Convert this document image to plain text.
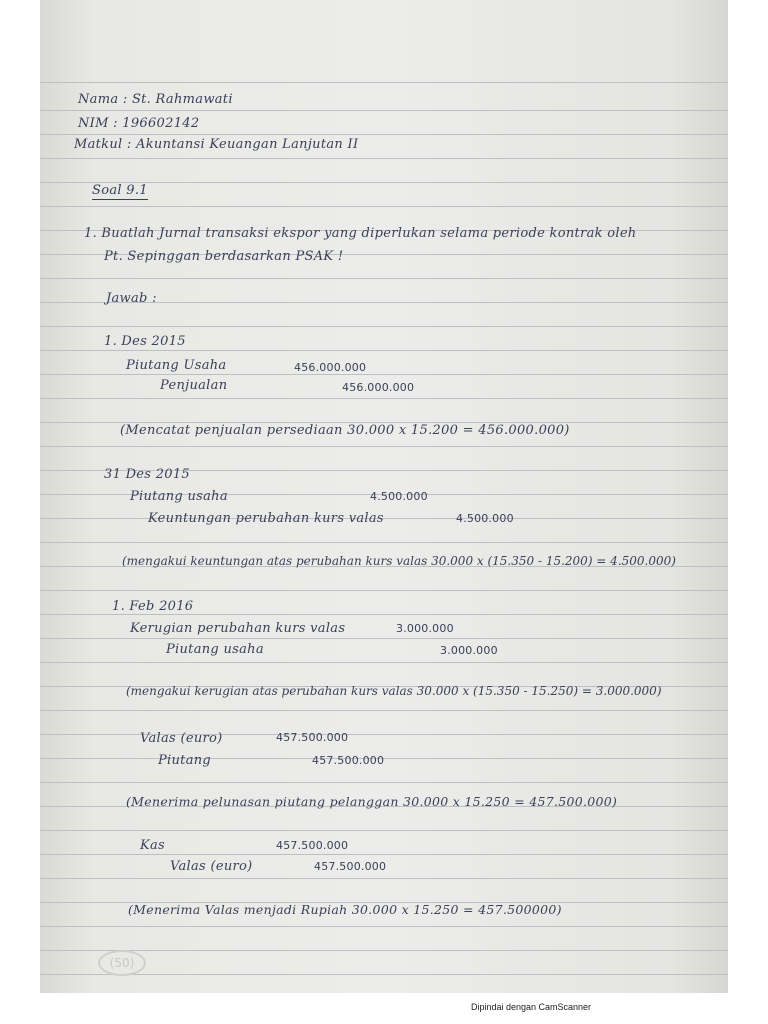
Nama : St. Rahmawati
NIM : 196602142
Matkul : Akuntansi Keuangan Lanjutan II
Soal 9.1
1. Buatlah Jurnal transaksi ekspor yang diperlukan selama periode kontrak oleh
Pt. Sepinggan berdasarkan PSAK !
Jawab :
1. Des 2015
Piutang Usaha	456.000.000
Penjualan	456.000.000
(Mencatat penjualan persediaan 30.000 x 15.200 = 456.000.000)
31 Des 2015
Piutang usaha	4.500.000
Keuntungan perubahan kurs valas	4.500.000
(mengakui keuntungan atas perubahan kurs valas 30.000 x (15.350 - 15.200) = 4.500.000)
1. Feb 2016
Kerugian perubahan kurs valas	3.000.000
Piutang usaha	3.000.000
(mengakui kerugian atas perubahan kurs valas 30.000 x (15.350 - 15.250) = 3.000.000)
Valas (euro)	457.500.000
Piutang	457.500.000
(Menerima pelunasan piutang pelanggan 30.000 x 15.250 = 457.500.000)
Kas	457.500.000
Valas (euro)	457.500.000
(Menerima Valas menjadi Rupiah 30.000 x 15.250 = 457.500000)
(50)
Dipindai dengan CamScanner
